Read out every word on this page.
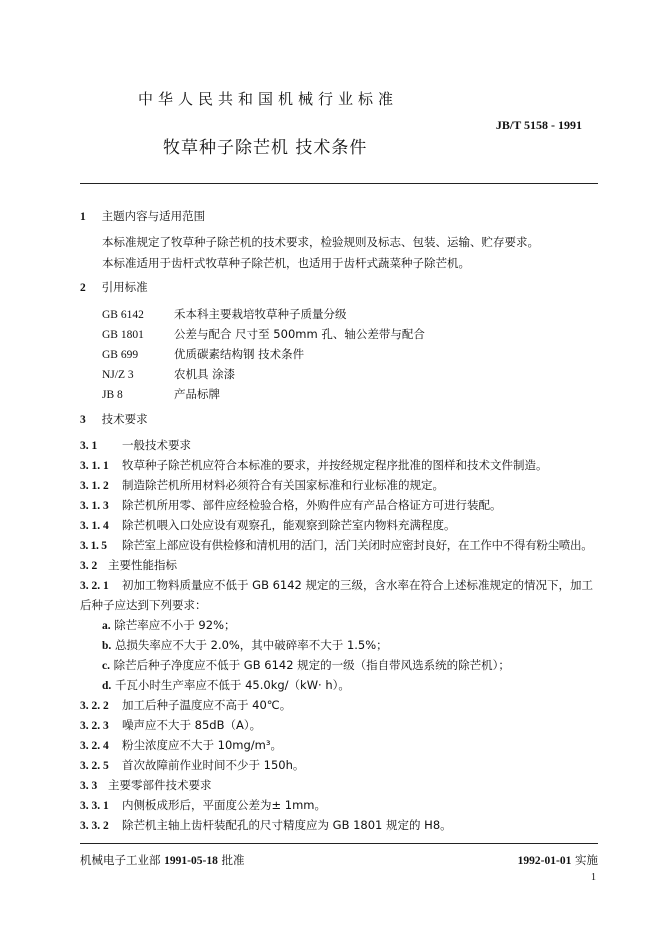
中华人民共和国机械行业标准
JB/T 5158 - 1991
牧草种子除芒机 技术条件
1 主题内容与适用范围
本标准规定了牧草种子除芒机的技术要求，检验规则及标志、包装、运输、贮存要求。
本标准适用于齿杆式牧草种子除芒机，也适用于齿杆式蔬菜种子除芒机。
2 引用标准
GB 6142	禾本科主要栽培牧草种子质量分级
GB 1801	公差与配合 尺寸至 500mm 孔、轴公差带与配合
GB 699	优质碳素结构钢 技术条件
NJ/Z 3	农机具 涂漆
JB 8	产品标牌
3 技术要求
3. 1 一般技术要求
3. 1. 1 牧草种子除芒机应符合本标准的要求，并按经规定程序批准的图样和技术文件制造。
3. 1. 2 制造除芒机所用材料必须符合有关国家标准和行业标准的规定。
3. 1. 3 除芒机所用零、部件应经检验合格，外购件应有产品合格证方可进行装配。
3. 1. 4 除芒机喂入口处应设有观察孔，能观察到除芒室内物料充满程度。
3. 1. 5 除芒室上部应设有供检修和清机用的活门，活门关闭时应密封良好，在工作中不得有粉尘喷出。
3. 2 主要性能指标
3. 2. 1 初加工物料质量应不低于 GB 6142 规定的三级，含水率在符合上述标准规定的情况下，加工
后种子应达到下列要求：
a. 除芒率应不小于 92%；
b. 总损失率应不大于 2.0%，其中破碎率不大于 1.5%；
c. 除芒后种子净度应不低于 GB 6142 规定的一级（指自带风选系统的除芒机）；
d. 千瓦小时生产率应不低于 45.0kg/（kW· h）。
3. 2. 2 加工后种子温度应不高于 40℃。
3. 2. 3 噪声应不大于 85dB（A）。
3. 2. 4 粉尘浓度应不大于 10mg/m³。
3. 2. 5 首次故障前作业时间不少于 150h。
3. 3 主要零部件技术要求
3. 3. 1 内侧板成形后，平面度公差为± 1mm。
3. 3. 2 除芒机主轴上齿杆装配孔的尺寸精度应为 GB 1801 规定的 H8。
机械电子工业部 1991-05-18 批准	1992-01-01 实施
1
